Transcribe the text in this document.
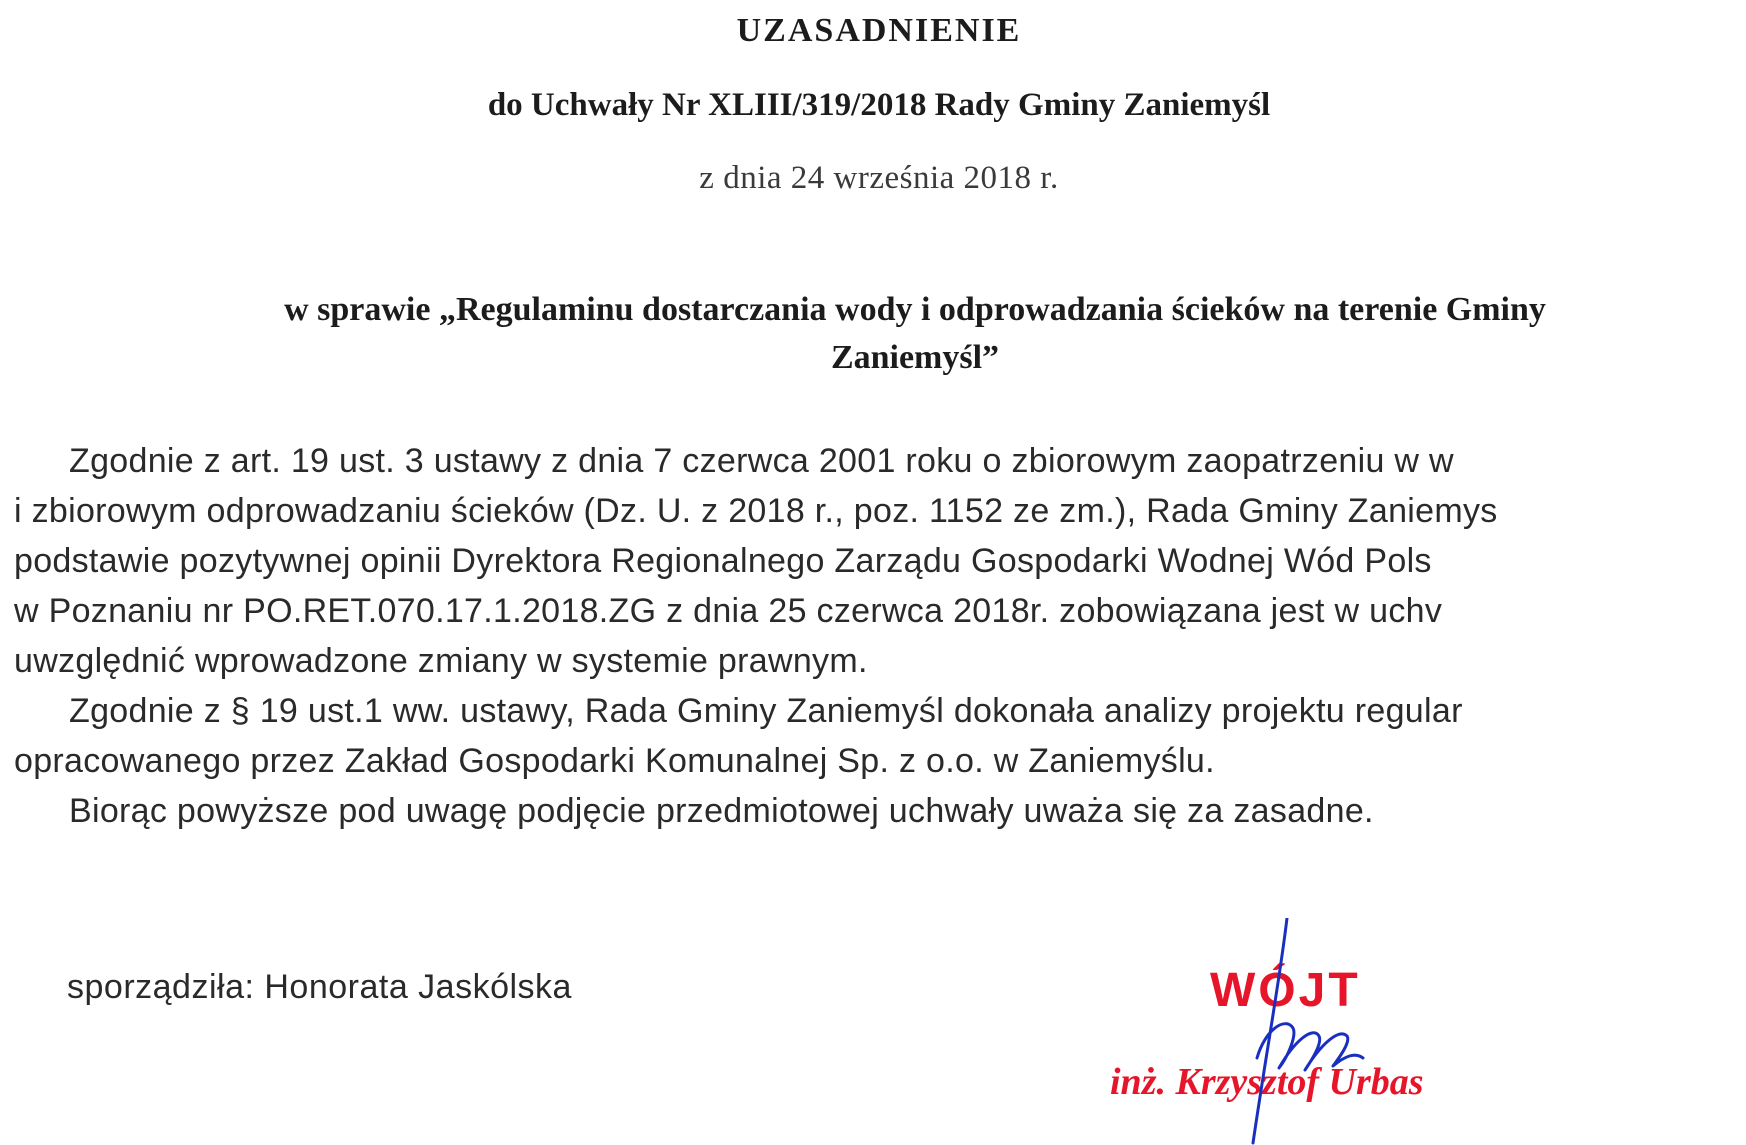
UZASADNIENIE
do Uchwały Nr XLIII/319/2018 Rady Gminy Zaniemyśl
z dnia 24 września 2018 r.
w sprawie „Regulaminu dostarczania wody i odprowadzania ścieków na terenie Gminy
Zaniemyśl”
Zgodnie z art. 19 ust. 3 ustawy z dnia 7 czerwca 2001 roku o zbiorowym zaopatrzeniu w w
i zbiorowym odprowadzaniu ścieków (Dz. U. z 2018 r., poz. 1152 ze zm.), Rada Gminy Zaniemys
podstawie pozytywnej opinii Dyrektora Regionalnego Zarządu Gospodarki Wodnej Wód Pols
w Poznaniu nr PO.RET.070.17.1.2018.ZG z dnia 25 czerwca 2018r. zobowiązana jest w uchv
uwzględnić wprowadzone zmiany w systemie prawnym.
Zgodnie z § 19 ust.1 ww. ustawy, Rada Gminy Zaniemyśl dokonała analizy projektu regular
opracowanego przez Zakład Gospodarki Komunalnej Sp. z o.o. w Zaniemyślu.
Biorąc powyższe pod uwagę podjęcie przedmiotowej uchwały uważa się za zasadne.
sporządziła: Honorata Jaskólska	WÓJT
inż. Krzysztof Urbas
